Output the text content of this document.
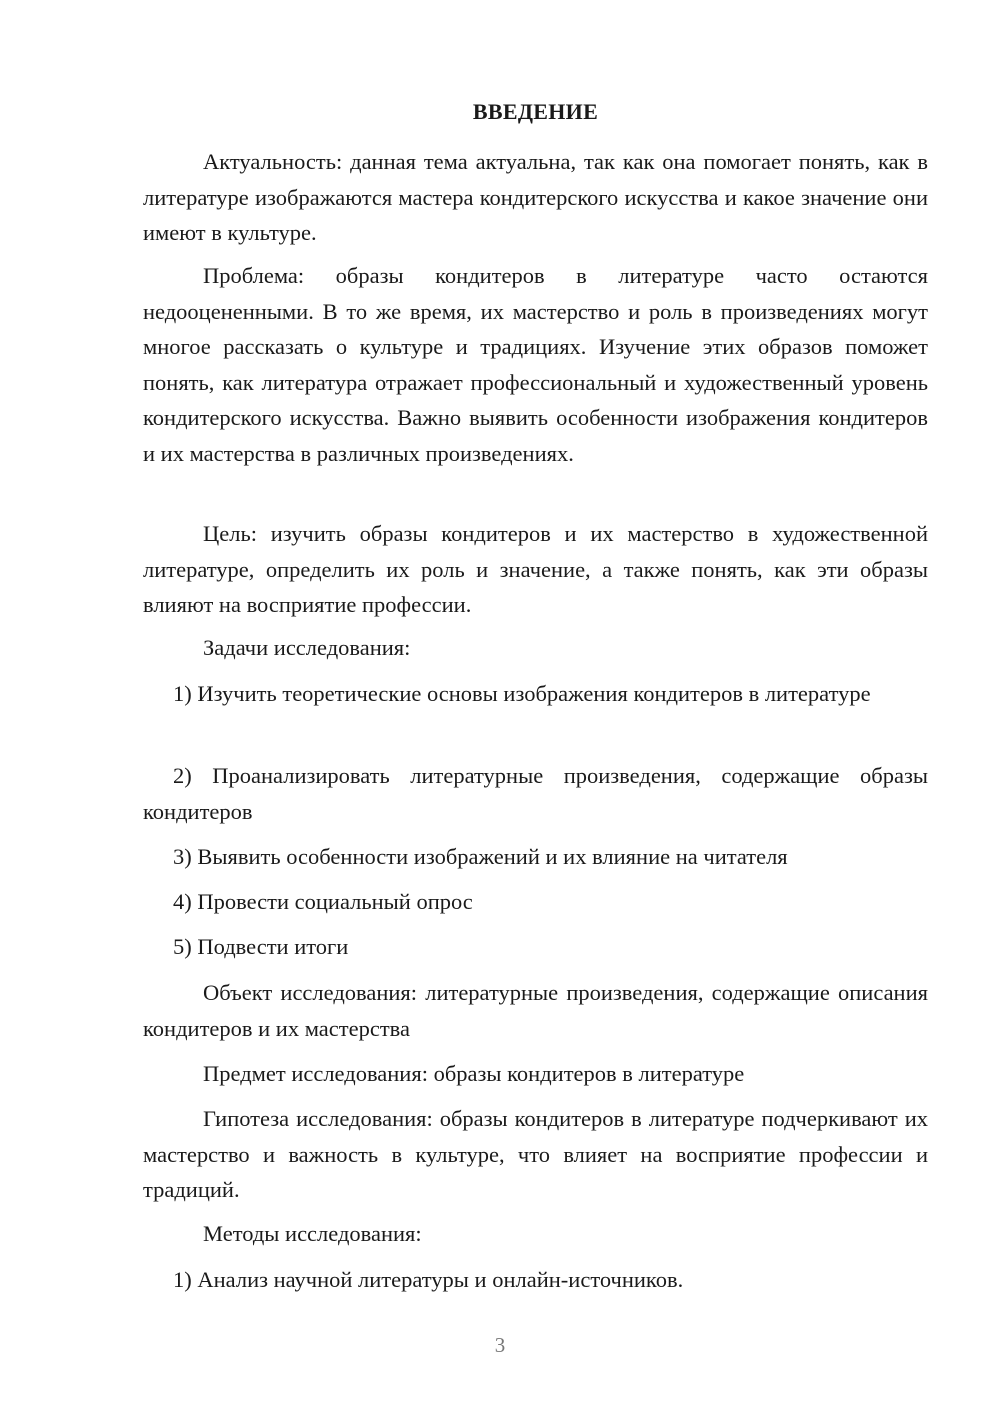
ВВЕДЕНИЕ

Актуальность: данная тема актуальна, так как она помогает понять, как в литературе изображаются мастера кондитерского искусства и какое значение они имеют в культуре.

Проблема: образы кондитеров в литературе часто остаются недооцененными. В то же время, их мастерство и роль в произведениях могут многое рассказать о культуре и традициях. Изучение этих образов поможет понять, как литература отражает профессиональный и художественный уровень кондитерского искусства. Важно выявить особенности изображения кондитеров и их мастерства в различных произведениях.

Цель: изучить образы кондитеров и их мастерство в художественной литературе, определить их роль и значение, а также понять, как эти образы влияют на восприятие профессии.

Задачи исследования:

1) Изучить теоретические основы изображения кондитеров в литературе

2) Проанализировать литературные произведения, содержащие образы кондитеров

3) Выявить особенности изображений и их влияние на читателя

4) Провести социальный опрос

5) Подвести итоги

Объект исследования: литературные произведения, содержащие описания кондитеров и их мастерства

Предмет исследования: образы кондитеров в литературе

Гипотеза исследования: образы кондитеров в литературе подчеркивают их мастерство и важность в культуре, что влияет на восприятие профессии и традиций.

Методы исследования:

1) Анализ научной литературы и онлайн-источников.

3
